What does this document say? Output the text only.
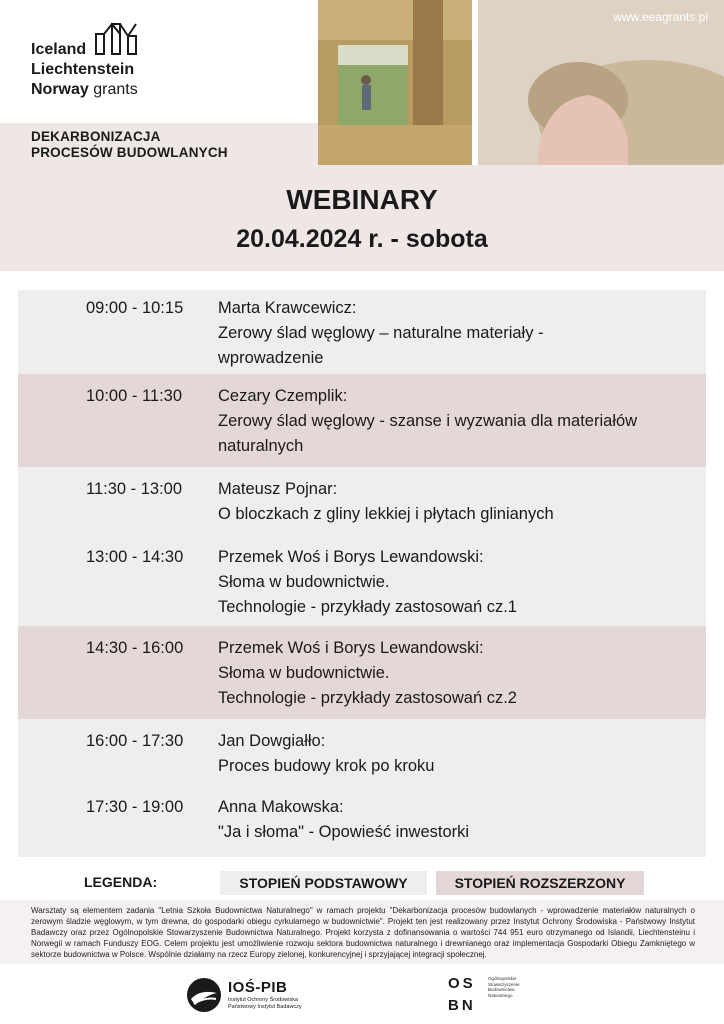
Iceland
Liechtenstein
Norway grants
DEKARBONIZACJA
PROCESÓW BUDOWLANYCH
www.eeagrants.pl
WEBINARY
20.04.2024 r. - sobota
09:00 - 10:15 Marta Krawcewicz:
Zerowy ślad węglowy – naturalne materiały -
wprowadzenie
10:00 - 11:30 Cezary Czemplik:
Zerowy ślad węglowy - szanse i wyzwania dla materiałów
naturalnych
11:30 - 13:00 Mateusz Pojnar:
O bloczkach z gliny lekkiej i płytach glinianych
13:00 - 14:30 Przemek Woś i Borys Lewandowski:
Słoma w budownictwie.
Technologie - przykłady zastosowań cz.1
14:30 - 16:00 Przemek Woś i Borys Lewandowski:
Słoma w budownictwie.
Technologie - przykłady zastosowań cz.2
16:00 - 17:30 Jan Dowgiałło:
Proces budowy krok po kroku
17:30 - 19:00 Anna Makowska:
"Ja i słoma" - Opowieść inwestorki
LEGENDA:	STOPIEŃ PODSTAWOWY	STOPIEŃ ROZSZERZONY
Warsztaty są elementem zadania "Letnia Szkoła Budownictwa Naturalnego" w ramach projektu "Dekarbonizacja procesów budowlanych - wprowadzenie materiałów naturalnych o zerowym śladzie węglowym, w tym drewna, do gospodarki obiegu cyrkularnego w budownictwie". Projekt ten jest realizowany przez Instytut Ochrony Środowiska - Państwowy Instytut Badawczy oraz przez Ogólnopolskie Stowarzyszenie Budownictwa Naturalnego. Projekt korzysta z dofinansowania o wartości 744 951 euro otrzymanego od Islandii, Liechtensteinu i Norwegii w ramach Funduszy EOG. Celem projektu jest umożliwienie rozwoju sektora budownictwa naturalnego i drewnianego oraz implementacja Gospodarki Obiegu Zamkniętego w sektorze budownictwa w Polsce. Wspólnie działamy na rzecz Europy zielonej, konkurencyjnej i sprzyjającej integracji społecznej.
IOŚ-PIB
Instytut Ochrony Środowiska
Państwowy Instytut Badawczy
OS
BN
Ogólnopolskie
Stowarzyszenie
Budownictwa
Naturalnego
